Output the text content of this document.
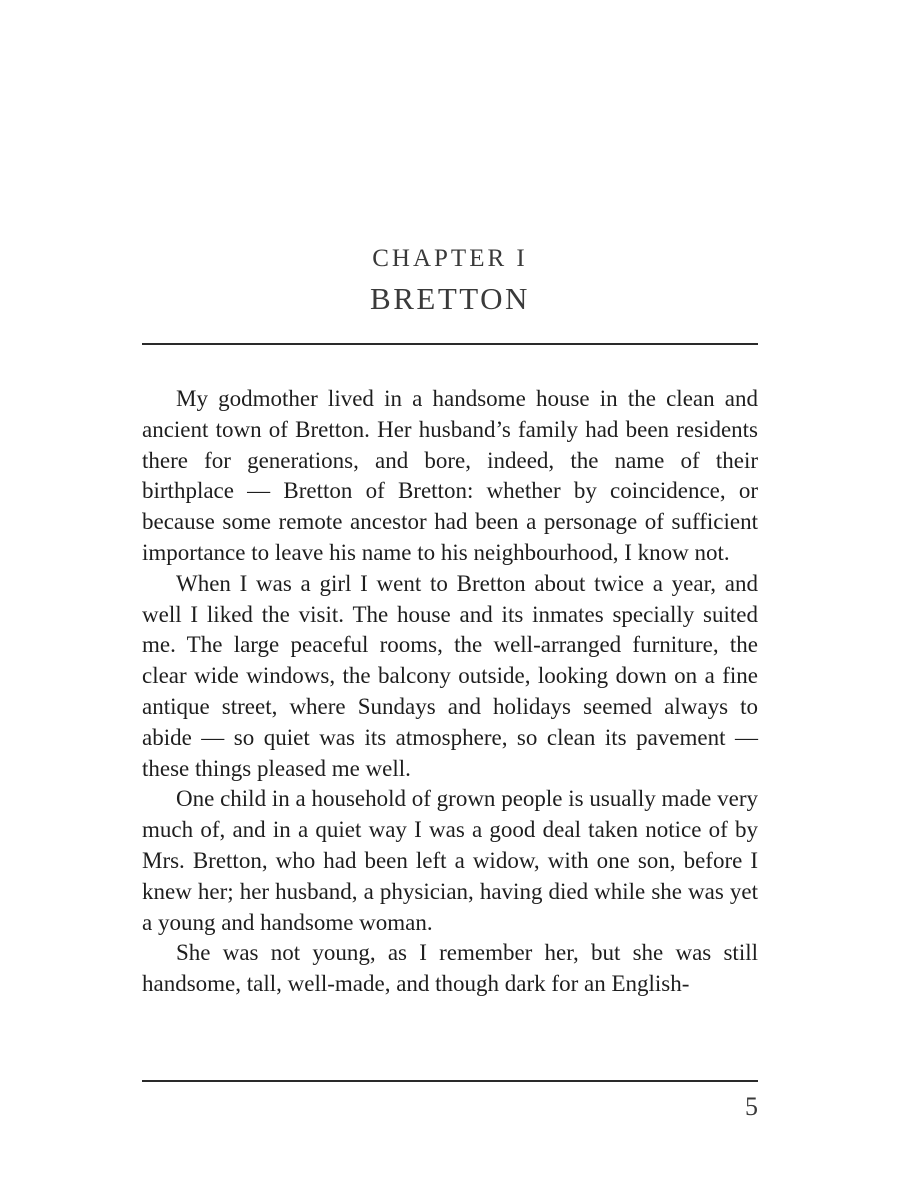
CHAPTER I
BRETTON

My godmother lived in a handsome house in the clean and ancient town of Bretton. Her husband’s family had been residents there for generations, and bore, indeed, the name of their birthplace — Bretton of Bretton: whether by coincidence, or because some remote ancestor had been a personage of sufficient importance to leave his name to his neighbourhood, I know not.

When I was a girl I went to Bretton about twice a year, and well I liked the visit. The house and its inmates specially suited me. The large peaceful rooms, the well-arranged furniture, the clear wide windows, the balcony outside, looking down on a fine antique street, where Sundays and holidays seemed always to abide — so quiet was its atmosphere, so clean its pavement — these things pleased me well.

One child in a household of grown people is usually made very much of, and in a quiet way I was a good deal taken notice of by Mrs. Bretton, who had been left a widow, with one son, before I knew her; her husband, a physician, having died while she was yet a young and handsome woman.

She was not young, as I remember her, but she was still handsome, tall, well-made, and though dark for an English-

5
